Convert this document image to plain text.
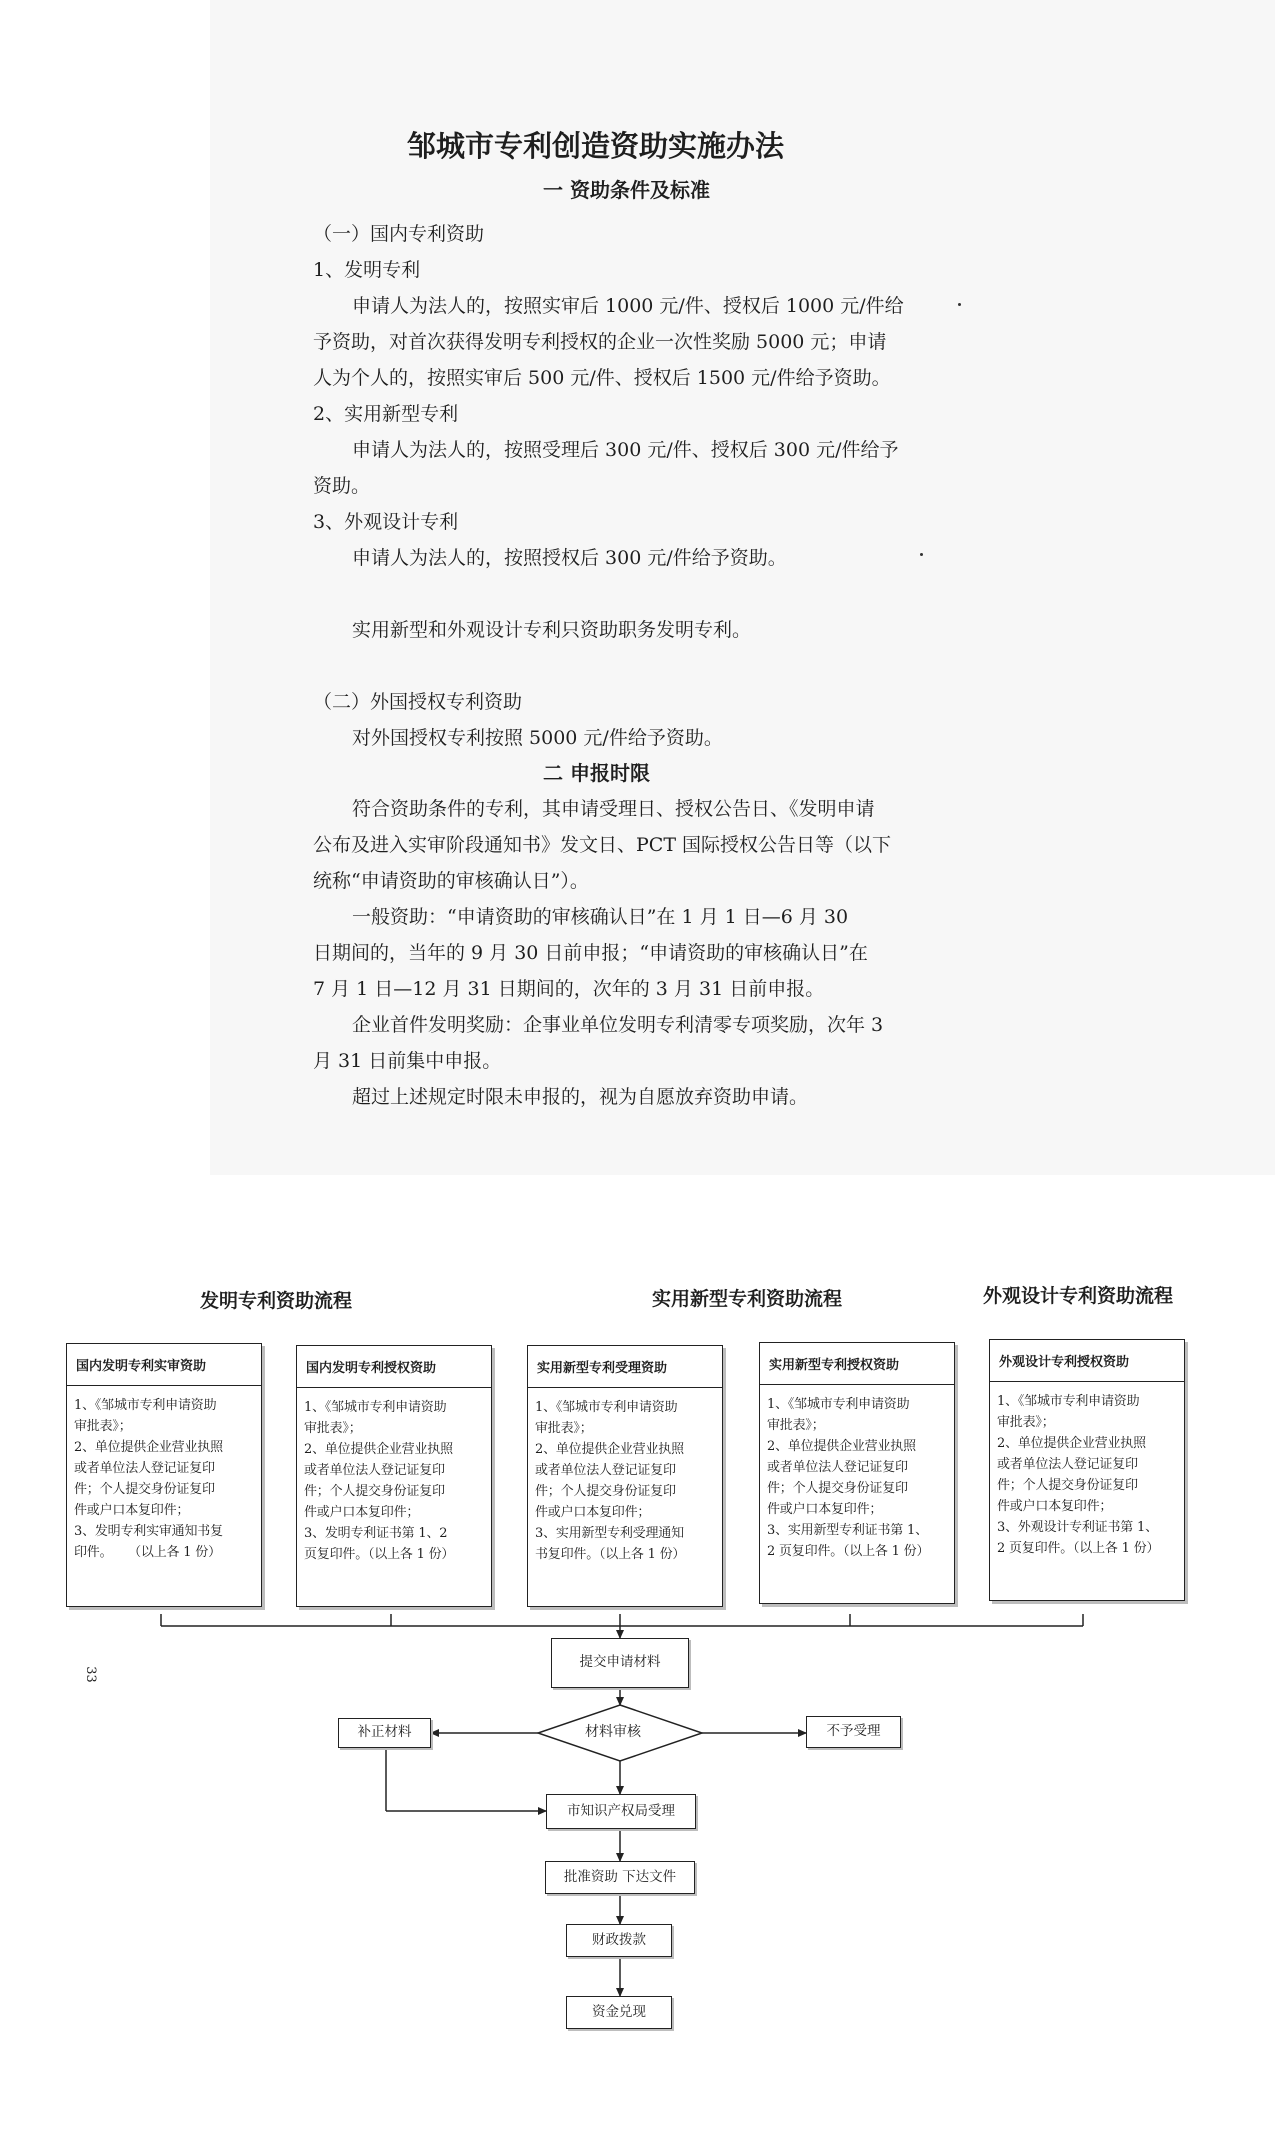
邹城市专利创造资助实施办法
一 资助条件及标准
（一）国内专利资助
1、发明专利
申请人为法人的，按照实审后 1000 元/件、授权后 1000 元/件给
予资助，对首次获得发明专利授权的企业一次性奖励 5000 元；申请
人为个人的，按照实审后 500 元/件、授权后 1500 元/件给予资助。
2、实用新型专利
申请人为法人的，按照受理后 300 元/件、授权后 300 元/件给予
资助。
3、外观设计专利
申请人为法人的，按照授权后 300 元/件给予资助。
实用新型和外观设计专利只资助职务发明专利。
（二）外国授权专利资助
对外国授权专利按照 5000 元/件给予资助。
二 申报时限
符合资助条件的专利，其申请受理日、授权公告日、《发明申请
公布及进入实审阶段通知书》发文日、PCT 国际授权公告日等（以下
统称“申请资助的审核确认日”）。
一般资助：“申请资助的审核确认日”在 1 月 1 日—6 月 30
日期间的，当年的 9 月 30 日前申报；“申请资助的审核确认日”在
7 月 1 日—12 月 31 日期间的，次年的 3 月 31 日前申报。
企业首件发明奖励：企事业单位发明专利清零专项奖励，次年 3
月 31 日前集中申报。
超过上述规定时限未申报的，视为自愿放弃资助申请。
发明专利资助流程	实用新型专利资助流程	外观设计专利资助流程
国内发明专利实审资助
1、《邹城市专利申请资助
审批表》；
2、单位提供企业营业执照
或者单位法人登记证复印
件；个人提交身份证复印
件或户口本复印件；
3、发明专利实审通知书复
印件。    （以上各 1 份）
国内发明专利授权资助
1、《邹城市专利申请资助
审批表》；
2、单位提供企业营业执照
或者单位法人登记证复印
件；个人提交身份证复印
件或户口本复印件；
3、发明专利证书第 1、2
页复印件。（以上各 1 份）
实用新型专利受理资助
1、《邹城市专利申请资助
审批表》；
2、单位提供企业营业执照
或者单位法人登记证复印
件；个人提交身份证复印
件或户口本复印件；
3、实用新型专利受理通知
书复印件。（以上各 1 份）
实用新型专利授权资助
1、《邹城市专利申请资助
审批表》；
2、单位提供企业营业执照
或者单位法人登记证复印
件；个人提交身份证复印
件或户口本复印件；
3、实用新型专利证书第 1、
2 页复印件。（以上各 1 份）
外观设计专利授权资助
1、《邹城市专利申请资助
审批表》；
2、单位提供企业营业执照
或者单位法人登记证复印
件；个人提交身份证复印
件或户口本复印件；
3、外观设计专利证书第 1、
2 页复印件。（以上各 1 份）
提交申请材料
材料审核
补正材料	不予受理
市知识产权局受理
批准资助 下达文件
财政拨款
资金兑现
33
